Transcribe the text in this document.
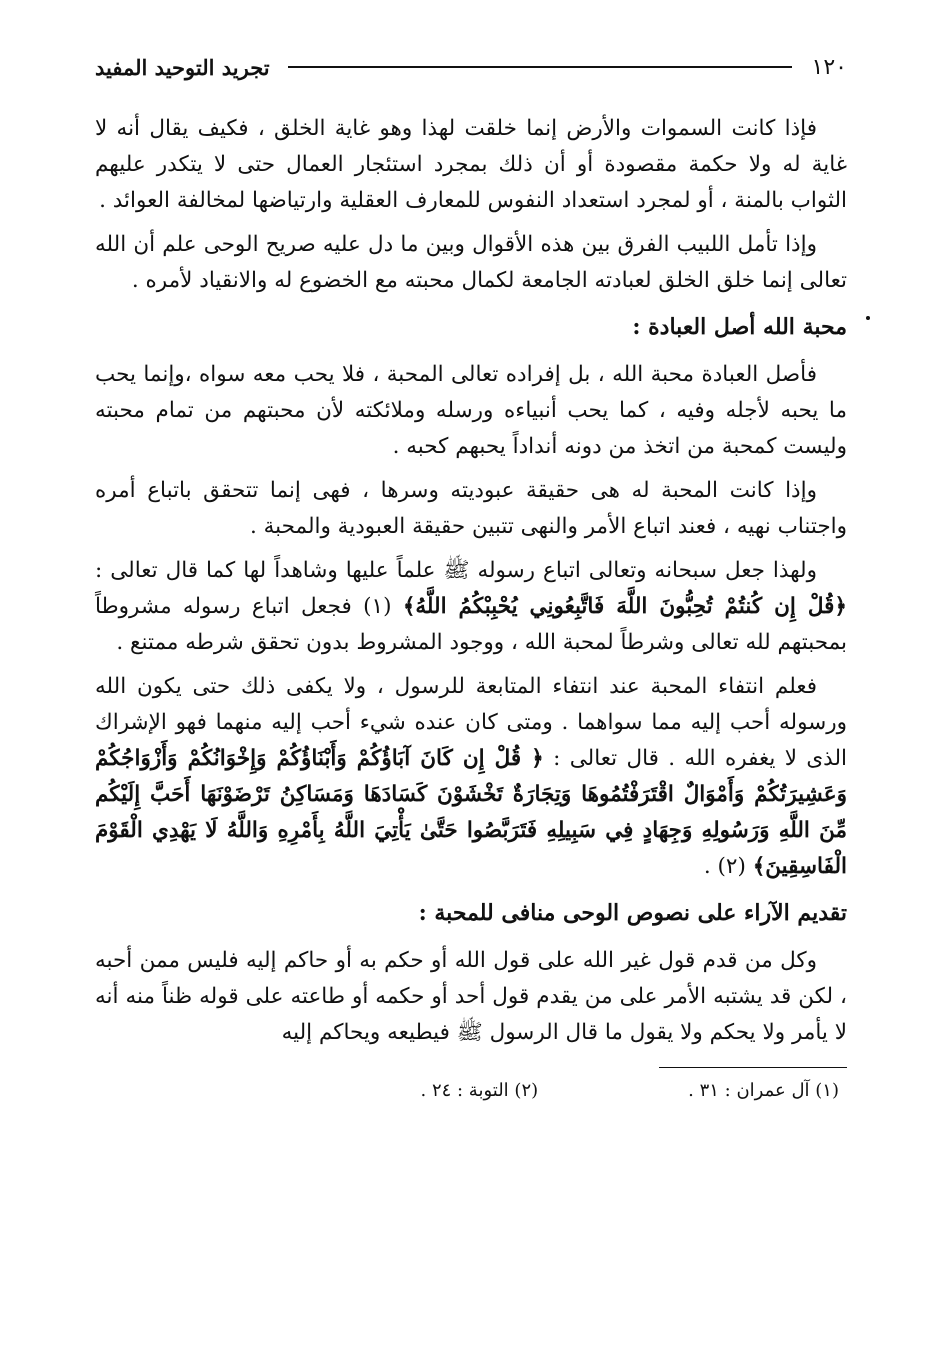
١٢٠
تجريد التوحيد المفيد

فإذا كانت السموات والأرض إنما خلقت لهذا وهو غاية الخلق ، فكيف يقال أنه لا غاية له ولا حكمة مقصودة أو أن ذلك بمجرد استئجار العمال حتى لا يتكدر عليهم الثواب بالمنة ، أو لمجرد استعداد النفوس للمعارف العقلية وارتياضها لمخالفة العوائد .

وإذا تأمل اللبيب الفرق بين هذه الأقوال وبين ما دل عليه صريح الوحى علم أن الله تعالى إنما خلق الخلق لعبادته الجامعة لكمال محبته مع الخضوع له والانقياد لأمره .

محبة الله أصل العبادة :

فأصل العبادة محبة الله ، بل إفراده تعالى المحبة ، فلا يحب معه سواه ،وإنما يحب ما يحبه لأجله وفيه ، كما يحب أنبياءه ورسله وملائكته لأن محبتهم من تمام محبته وليست كمحبة من اتخذ من دونه أنداداً يحبهم كحبه .

وإذا كانت المحبة له هى حقيقة عبوديته وسرها ، فهى إنما تتحقق باتباع أمره واجتناب نهيه ، فعند اتباع الأمر والنهى تتبين حقيقة العبودية والمحبة .

ولهذا جعل سبحانه وتعالى اتباع رسوله ﷺ علماً عليها وشاهداً لها كما قال تعالى : ﴿قُلْ إِن كُنتُمْ تُحِبُّونَ اللَّهَ فَاتَّبِعُونِي يُحْبِبْكُمُ اللَّهُ﴾ (١) فجعل اتباع رسوله مشروطاً بمحبتهم لله تعالى وشرطاً لمحبة الله ، ووجود المشروط بدون تحقق شرطه ممتنع .

فعلم انتفاء المحبة عند انتفاء المتابعة للرسول ، ولا يكفى ذلك حتى يكون الله ورسوله أحب إليه مما سواهما . ومتى كان عنده شيء أحب إليه منهما فهو الإشراك الذى لا يغفره الله . قال تعالى : ﴿ قُلْ إِن كَانَ آبَاؤُكُمْ وَأَبْنَاؤُكُمْ وَإِخْوَانُكُمْ وَأَزْوَاجُكُمْ وَعَشِيرَتُكُمْ وَأَمْوَالٌ اقْتَرَفْتُمُوهَا وَتِجَارَةٌ تَخْشَوْنَ كَسَادَهَا وَمَسَاكِنُ تَرْضَوْنَهَا أَحَبَّ إِلَيْكُم مِّنَ اللَّهِ وَرَسُولِهِ وَجِهَادٍ فِي سَبِيلِهِ فَتَرَبَّصُوا حَتَّىٰ يَأْتِيَ اللَّهُ بِأَمْرِهِ وَاللَّهُ لَا يَهْدِي الْقَوْمَ الْفَاسِقِينَ﴾ (٢) .

تقديم الآراء على نصوص الوحى منافى للمحبة :

وكل من قدم قول غير الله على قول الله أو حكم به أو حاكم إليه فليس ممن أحبه ، لكن قد يشتبه الأمر على من يقدم قول أحد أو حكمه أو طاعته على قوله ظناً منه أنه لا يأمر ولا يحكم ولا يقول ما قال الرسول ﷺ فيطيعه ويحاكم إليه

(١) آل عمران : ٣١ .
(٢) التوبة : ٢٤ .
